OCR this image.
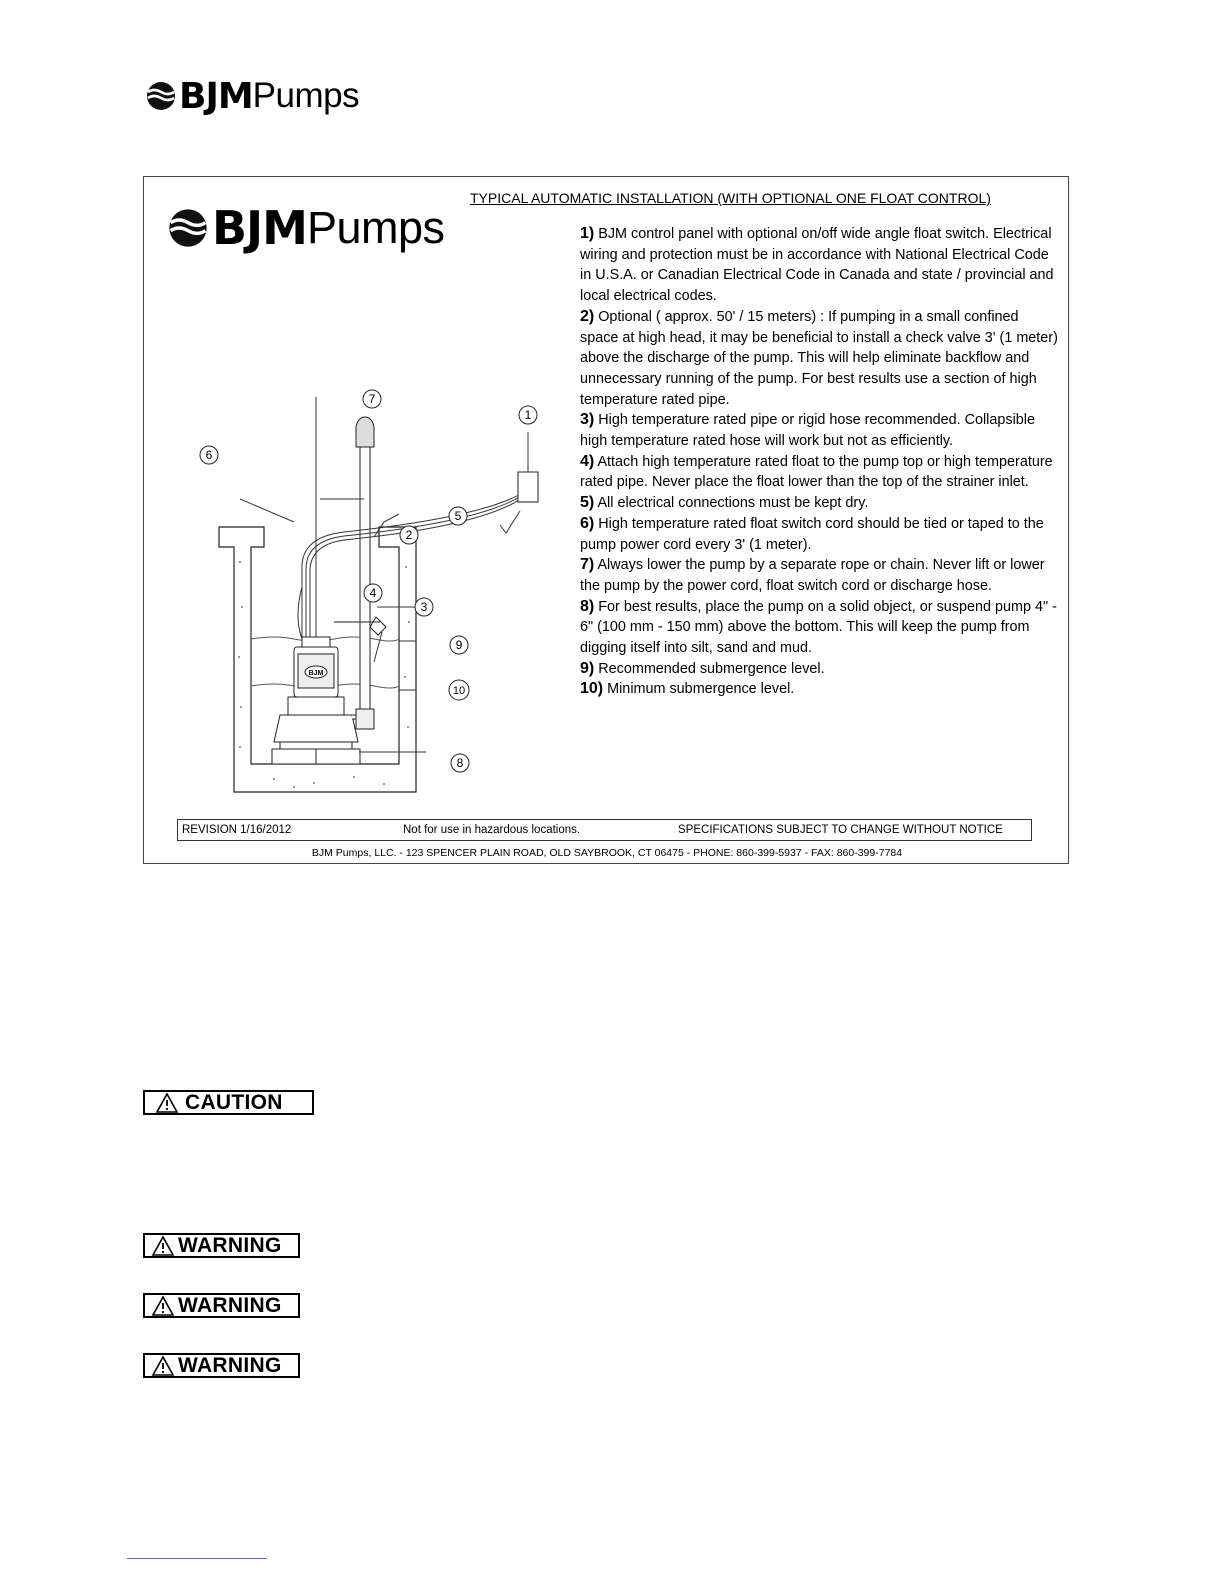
BJM Pumps
BJM Pumps
TYPICAL AUTOMATIC INSTALLATION (WITH OPTIONAL ONE FLOAT CONTROL)
BJM
1
2
3
4
5
6
7
8
9
10
1) BJM control panel with optional on/off wide angle float switch. Electrical wiring and protection must be in accordance with National Electrical Code in U.S.A. or Canadian Electrical Code in Canada and state / provincial and local electrical codes.
2) Optional ( approx. 50' / 15 meters) : If pumping in a small confined space at high head, it may be beneficial to install a check valve 3' (1 meter) above the discharge of the pump. This will help eliminate backflow and unnecessary running of the pump. For best results use a section of high temperature rated pipe.
3) High temperature rated pipe or rigid hose recommended. Collapsible high temperature rated hose will work but not as efficiently.
4) Attach high temperature rated float to the pump top or high temperature rated pipe. Never place the float lower than the top of the strainer inlet.
5) All electrical connections must be kept dry.
6) High temperature rated float switch cord should be tied or taped to the pump power cord every 3' (1 meter).
7) Always lower the pump by a separate rope or chain. Never lift or lower the pump by the power cord, float switch cord or discharge hose.
8) For best results, place the pump on a solid object, or suspend pump 4" - 6" (100 mm - 150 mm) above the bottom. This will keep the pump from digging itself into silt, sand and mud.
9) Recommended submergence level.
10) Minimum submergence level.
REVISION 1/16/2012	Not for use in hazardous locations.	SPECIFICATIONS SUBJECT TO CHANGE WITHOUT NOTICE
BJM Pumps, LLC. - 123 SPENCER PLAIN ROAD, OLD SAYBROOK, CT 06475 - PHONE: 860-399-5937 - FAX: 860-399-7784
CAUTION
WARNING
WARNING
WARNING
